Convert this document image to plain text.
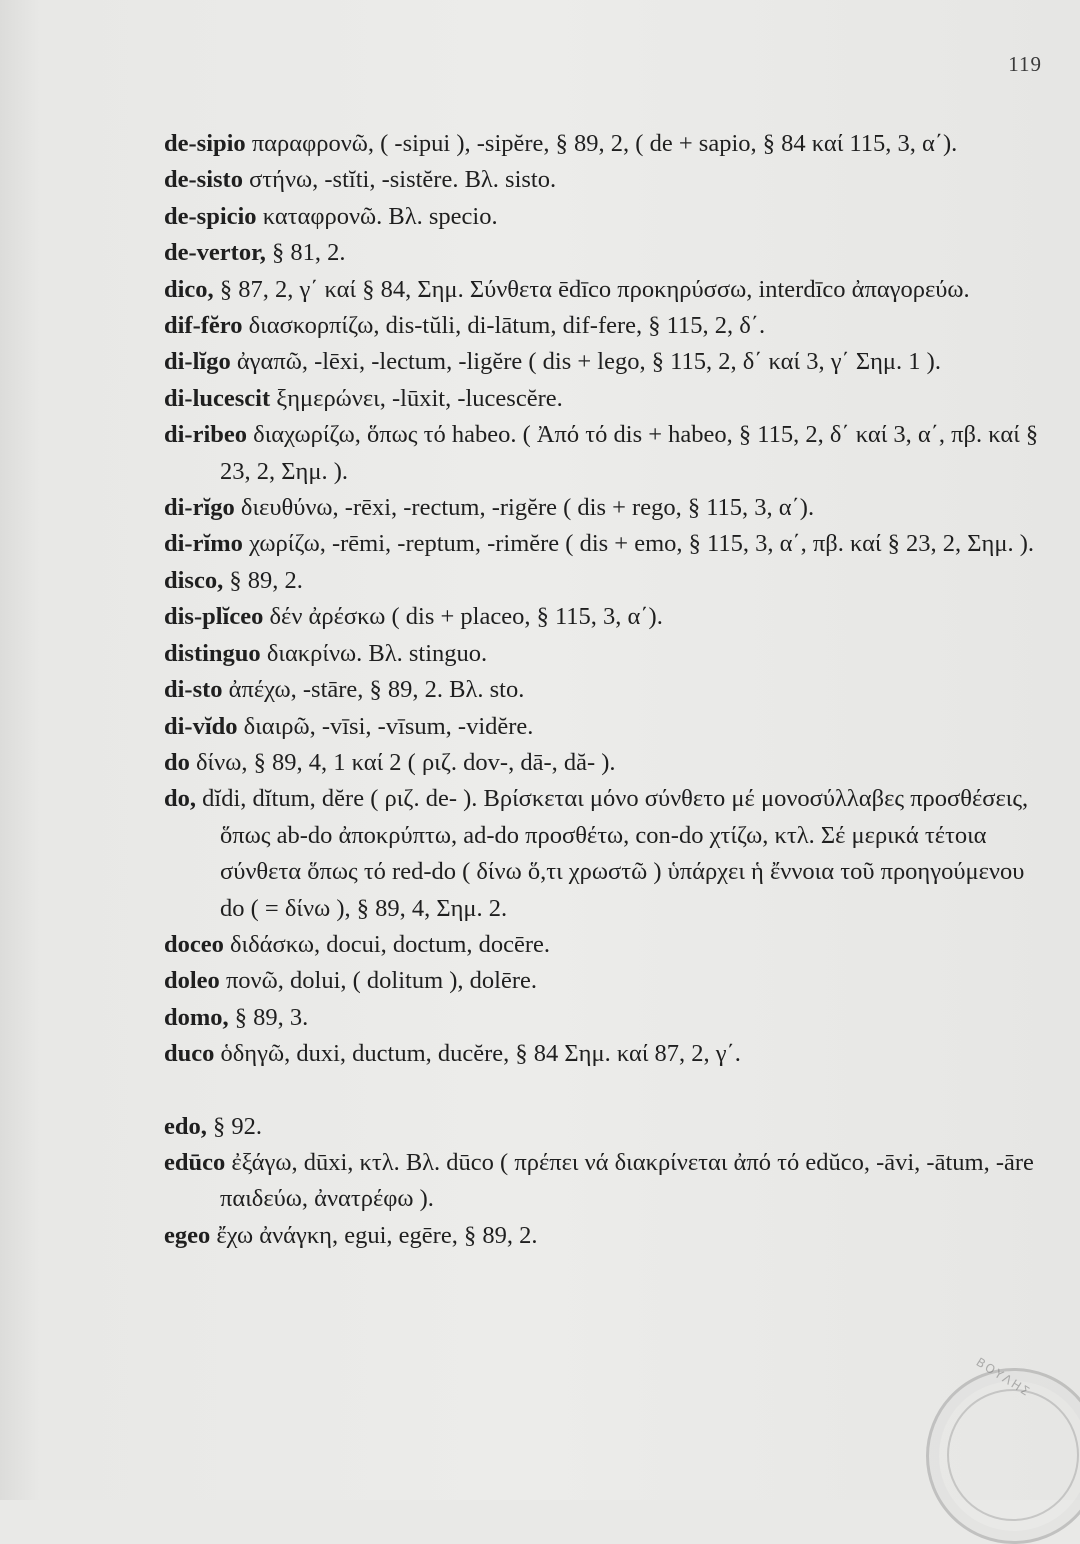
119

de-sipio παραφρονῶ, ( -sipui ), -sipĕre, § 89, 2, ( de + sapio, § 84 καί 115, 3, α΄).

de-sisto στήνω, -stĭti, -sistĕre. Βλ. sisto.

de-spicio καταφρονῶ. Βλ. specio.

de-vertor, § 81, 2.

dico, § 87, 2, γ΄ καί § 84, Σημ. Σύνθετα ēdīco προκηρύσσω, interdīco ἀπαγορεύω.

dif-fĕro διασκορπίζω, dis-tŭli, di-lātum, dif-fere, § 115, 2, δ΄.

di-lĭgo ἀγαπῶ, -lēxi, -lectum, -ligĕre ( dis + lego, § 115, 2, δ΄ καί 3, γ΄ Σημ. 1 ).

di-lucescit ξημερώνει, -lūxit, -lucescĕre.

di-ribeo διαχωρίζω, ὅπως τό habeo. ( Ἀπό τό dis + habeo, § 115, 2, δ΄ καί 3, α΄, πβ. καί § 23, 2, Σημ. ).

di-rĭgo διευθύνω, -rēxi, -rectum, -rigĕre ( dis + rego, § 115, 3, α΄).

di-rĭmo χωρίζω, -rēmi, -reptum, -rimĕre ( dis + emo, § 115, 3, α΄, πβ. καί § 23, 2, Σημ. ).

disco, § 89, 2.

dis-plĭceo δέν ἀρέσκω ( dis + placeo, § 115, 3, α΄).

distinguo διακρίνω. Βλ. stinguo.

di-sto ἀπέχω, -stāre, § 89, 2. Βλ. sto.

di-vĭdo διαιρῶ, -vīsi, -vīsum, -vidĕre.

do δίνω, § 89, 4, 1 καί 2 ( ριζ. dov-, dā-, dă- ).

do, dĭdi, dĭtum, dĕre ( ριζ. de- ). Βρίσκεται μόνο σύνθετο μέ μονοσύλλαβες προσθέσεις, ὅπως ab-do ἀποκρύπτω, ad-do προσθέτω, con-do χτίζω, κτλ. Σέ μερικά τέτοια σύνθετα ὅπως τό red-do ( δίνω ὅ,τι χρωστῶ ) ὑπάρχει ἡ ἔννοια τοῦ προηγούμενου do ( = δίνω ), § 89, 4, Σημ. 2.

doceo διδάσκω, docui, doctum, docēre.

doleo πονῶ, dolui, ( dolitum ), dolēre.

domo, § 89, 3.

duco ὁδηγῶ, duxi, ductum, ducĕre, § 84 Σημ. καί 87, 2, γ΄.

edo, § 92.

edūco ἐξάγω, dūxi, κτλ. Βλ. dūco ( πρέπει νά διακρίνεται ἀπό τό edŭco, -āvi, -ātum, -āre παιδεύω, ἀνατρέφω ).

egeo ἔχω ἀνάγκη, egui, egēre, § 89, 2.

ΒΟΥΛΗΣ
